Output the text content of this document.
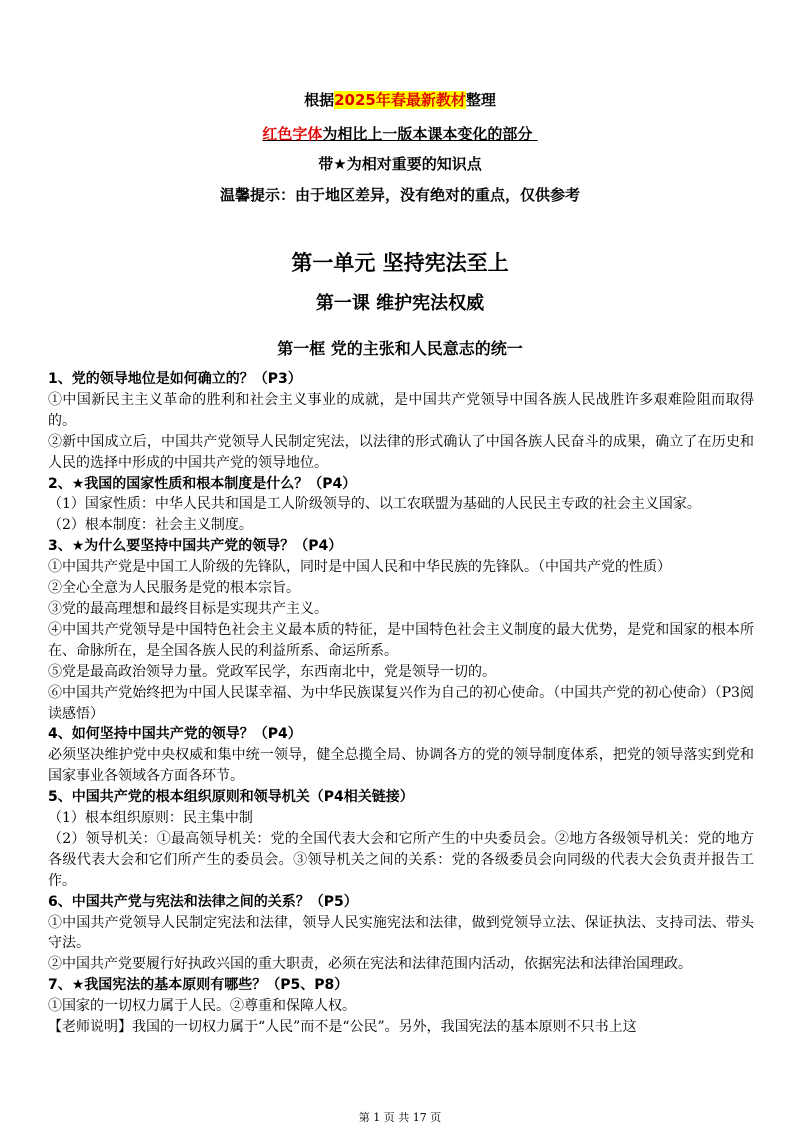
根据2025年春最新教材整理
红色字体为相比上一版本课本变化的部分
带★为相对重要的知识点
温馨提示：由于地区差异，没有绝对的重点，仅供参考
第一单元 坚持宪法至上
第一课 维护宪法权威
第一框 党的主张和人民意志的统一

1、党的领导地位是如何确立的？（P3）

①中国新民主主义革命的胜利和社会主义事业的成就，是中国共产党领导中国各族人民战胜许多艰难险阻而取得的。

②新中国成立后，中国共产党领导人民制定宪法，以法律的形式确认了中国各族人民奋斗的成果，确立了在历史和人民的选择中形成的中国共产党的领导地位。

2、★我国的国家性质和根本制度是什么？（P4）

（1）国家性质：中华人民共和国是工人阶级领导的、以工农联盟为基础的人民民主专政的社会主义国家。

（2）根本制度：社会主义制度。

3、★为什么要坚持中国共产党的领导？（P4）

①中国共产党是中国工人阶级的先锋队，同时是中国人民和中华民族的先锋队。（中国共产党的性质）

②全心全意为人民服务是党的根本宗旨。

③党的最高理想和最终目标是实现共产主义。

④中国共产党领导是中国特色社会主义最本质的特征，是中国特色社会主义制度的最大优势，是党和国家的根本所在、命脉所在，是全国各族人民的利益所系、命运所系。

⑤党是最高政治领导力量。党政军民学，东西南北中，党是领导一切的。

⑥中国共产党始终把为中国人民谋幸福、为中华民族谋复兴作为自己的初心使命。（中国共产党的初心使命）（P3阅读感悟）

4、如何坚持中国共产党的领导？（P4）

必须坚决维护党中央权威和集中统一领导，健全总揽全局、协调各方的党的领导制度体系，把党的领导落实到党和国家事业各领域各方面各环节。

5、中国共产党的根本组织原则和领导机关（P4相关链接）

（1）根本组织原则：民主集中制

（2）领导机关：①最高领导机关：党的全国代表大会和它所产生的中央委员会。②地方各级领导机关：党的地方各级代表大会和它们所产生的委员会。③领导机关之间的关系：党的各级委员会向同级的代表大会负责并报告工作。

6、中国共产党与宪法和法律之间的关系？（P5）

①中国共产党领导人民制定宪法和法律，领导人民实施宪法和法律，做到党领导立法、保证执法、支持司法、带头守法。

②中国共产党要履行好执政兴国的重大职责，必须在宪法和法律范围内活动，依据宪法和法律治国理政。

7、★我国宪法的基本原则有哪些？（P5、P8）

①国家的一切权力属于人民。②尊重和保障人权。

【老师说明】我国的一切权力属于“人民”而不是“公民”。另外，我国宪法的基本原则不只书上这

第 1 页 共 17 页
